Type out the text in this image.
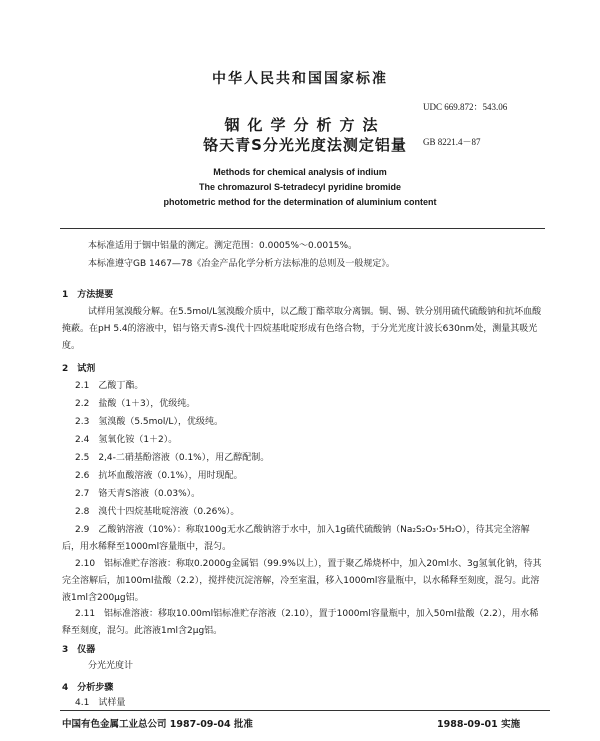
中华人民共和国国家标准
UDC 669.872：543.06
铟化学分析方法
GB 8221.4－87
铬天青S分光光度法测定铝量
Methods for chemical analysis of indium
The chromazurol S-tetradecyl pyridine bromide
photometric method for the determination of aluminium content
本标准适用于铟中铝量的测定。测定范围：0.0005%～0.0015%。
本标准遵守GB 1467—78《冶金产品化学分析方法标准的总则及一般规定》。
1　方法提要
试样用氢溴酸分解。在5.5mol/L氢溴酸介质中，以乙酸丁酯萃取分离铟。铜、锡、铁分别用硫代硫酸钠和抗坏血酸掩蔽。在pH 5.4的溶液中，铝与铬天青S-溴代十四烷基吡啶形成有色络合物，于分光光度计波长630nm处，测量其吸光度。
2　试剂
2.1　乙酸丁酯。
2.2　盐酸（1＋3），优级纯。
2.3　氢溴酸（5.5mol/L），优级纯。
2.4　氢氧化铵（1＋2）。
2.5　2,4-二硝基酚溶液（0.1%），用乙醇配制。
2.6　抗坏血酸溶液（0.1%），用时现配。
2.7　铬天青S溶液（0.03%）。
2.8　溴代十四烷基吡啶溶液（0.26%）。
2.9　乙酸钠溶液（10%）：称取100g无水乙酸钠溶于水中，加入1g硫代硫酸钠（Na₂S₂O₃·5H₂O），待其完全溶解后，用水稀释至1000ml容量瓶中，混匀。
2.10　铝标准贮存溶液：称取0.2000g金属铝（99.9%以上），置于聚乙烯烧杯中，加入20ml水、3g氢氧化钠，待其完全溶解后，加100ml盐酸（2.2），搅拌使沉淀溶解，冷至室温，移入1000ml容量瓶中，以水稀释至刻度，混匀。此溶液1ml含200μg铝。
2.11　铝标准溶液：移取10.00ml铝标准贮存溶液（2.10），置于1000ml容量瓶中，加入50ml盐酸（2.2），用水稀释至刻度，混匀。此溶液1ml含2μg铝。
3　仪器
分光光度计
4　分析步骤
4.1　试样量
中国有色金属工业总公司 1987-09-04 批准	1988-09-01 实施
